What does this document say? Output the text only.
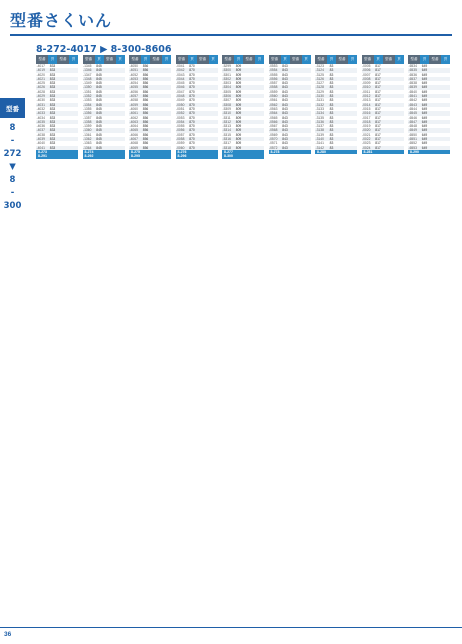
型番さくいん
8-272-4017 ▶ 8-300-8606
型番
8
-
272
▼
8
-
300
型番	頁	型番	頁
-4017	833
-4019	833
-4020	833
-4021	833
-4025	833
-4026	833
-4028	833
-4029	833
-4030	833
-4031	833
-4032	833
-4033	833
-4034	833
-4035	833
-4036	833
-4037	833
-4038	833
-4039	833
-4040	833
-4041	833
8-273
8-291
型番	頁	型番	頁
-1345	845
-1346	845
-1347	845
-1348	845
-1349	845
-1350	845
-1351	845
-1352	845
-1353	845
-1354	845
-1355	845
-1356	845
-1357	845
-1358	845
-1359	845
-1360	845
-1361	845
-1362	845
-1363	845
-1364	845
8-274
8-292
型番	頁	型番	頁
-4050	856
-4051	856
-4052	856
-4053	856
-4054	856
-4055	856
-4056	856
-4057	856
-4058	856
-4059	856
-4060	856
-4061	856
-4062	856
-4063	856
-4064	856
-4065	856
-4066	856
-4067	856
-4068	856
-4069	856
8-275
8-295
型番	頁	型番	頁
-0041	870
-0042	870
-0043	870
-0044	870
-0045	870
-0046	870
-0047	870
-0048	870
-0049	870
-0050	870
-0051	870
-0052	870
-0053	870
-0054	870
-0055	870
-0056	870
-0057	870
-0058	870
-0059	870
-0060	870
8-276
8-296
型番	頁	型番	頁
-5299	809
-5300	809
-5301	809
-5302	809
-5303	809
-5304	809
-5305	809
-5306	809
-5307	809
-5308	809
-5309	809
-5310	809
-5311	809
-5312	809
-5313	809
-5314	809
-5315	809
-5316	809
-5317	809
-5318	809
8-277
8-300
型番	頁	型番	頁
-0553	843
-0554	843
-0555	843
-0556	843
-0557	843
-0558	843
-0559	843
-0560	843
-0561	843
-0562	843
-0563	843
-0564	843
-0565	843
-0566	843
-0567	843
-0568	843
-0569	843
-0570	843
-0571	843
-0572	843
8-278
型番	頁	型番	頁
-3123	83
-3124	83
-3125	83
-3126	83
-3127	83
-3128	83
-3129	83
-3130	83
-3131	83
-3132	83
-3133	83
-3134	83
-3135	83
-3136	83
-3137	83
-3138	83
-3139	83
-3140	83
-3141	83
-3142	83
8-280
型番	頁	型番	頁
-0005	817
-0006	817
-0007	817
-0008	817
-0009	817
-0010	817
-0011	817
-0012	817
-0013	817
-0014	817
-0015	817
-0016	817
-0017	817
-0018	817
-0019	817
-0020	817
-0021	817
-0022	817
-0023	817
-0024	817
8-281
型番	頁	型番	頁
-6534	649
-6535	649
-6536	649
-6537	649
-6538	649
-6539	649
-6540	649
-6541	649
-6542	649
-6543	649
-6544	649
-6545	649
-6546	649
-6547	649
-6548	649
-6549	649
-6550	649
-6551	649
-6552	649
-6553	649
8-290
36
